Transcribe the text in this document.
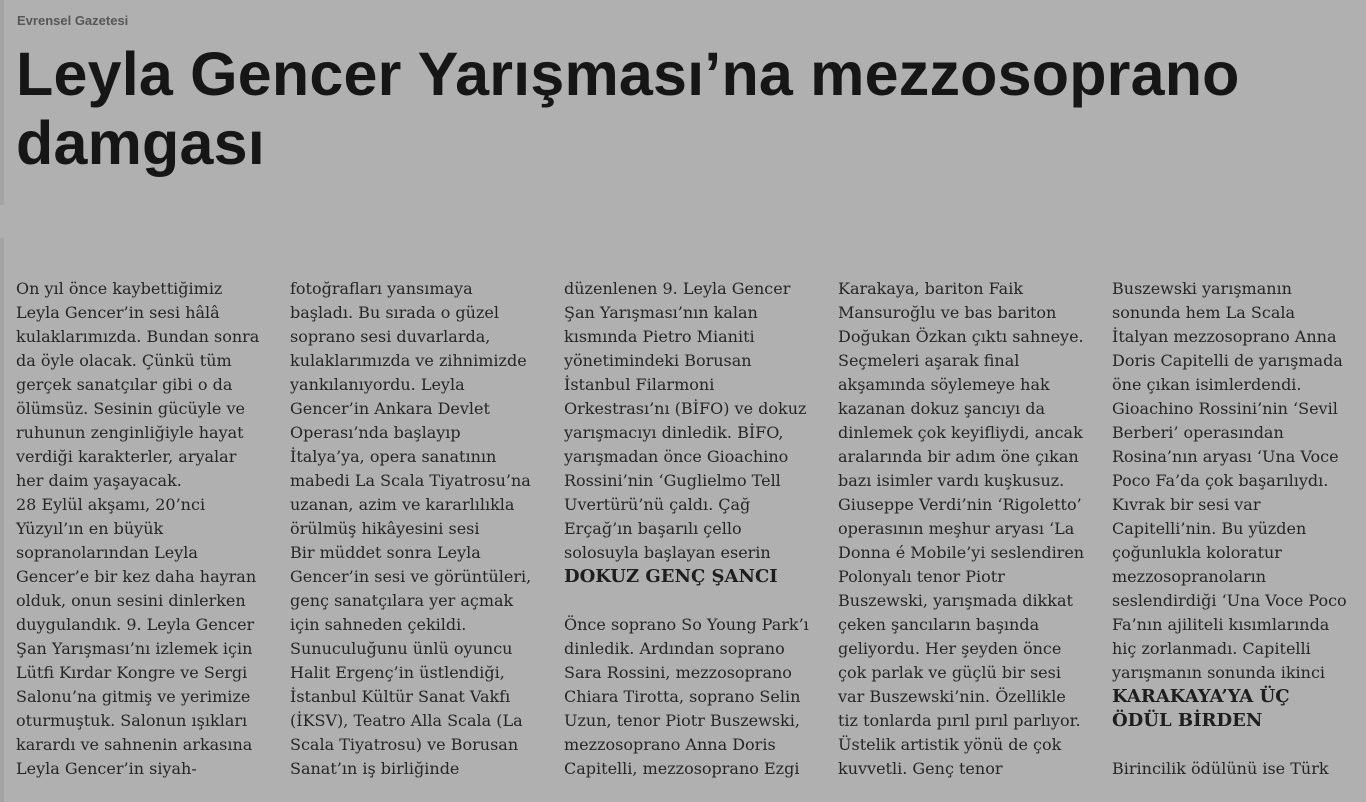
Evrensel Gazetesi
Leyla Gencer Yarışması’na mezzosoprano damgası

On yıl önce kaybettiğimiz Leyla Gencer’in sesi hâlâ kulaklarımızda. Bundan sonra da öyle olacak. Çünkü tüm gerçek sanatçılar gibi o da ölümsüz. Sesinin gücüyle ve ruhunun zenginliğiyle hayat verdiği karakterler, aryalar her daim yaşayacak.

28 Eylül akşamı, 20’nci Yüzyıl’ın en büyük sopranolarından Leyla Gencer’e bir kez daha hayran olduk, onun sesini dinlerken duygulandık. 9. Leyla Gencer Şan Yarışması’nı izlemek için Lütfi Kırdar Kongre ve Sergi Salonu’na gitmiş ve yerimize oturmuştuk. Salonun ışıkları karardı ve sahnenin arkasına Leyla Gencer’in siyah-

fotoğrafları yansımaya başladı. Bu sırada o güzel soprano sesi duvarlarda, kulaklarımızda ve zihnimizde yankılanıyordu. Leyla Gencer’in Ankara Devlet Operası’nda başlayıp İtalya’ya, opera sanatının mabedi La Scala Tiyatrosu’na uzanan, azim ve kararlılıkla örülmüş hikâyesini sesi

Bir müddet sonra Leyla Gencer’in sesi ve görüntüleri, genç sanatçılara yer açmak için sahneden çekildi. Sunuculuğunu ünlü oyuncu Halit Ergenç’in üstlendiği, İstanbul Kültür Sanat Vakfı (İKSV), Teatro Alla Scala (La Scala Tiyatrosu) ve Borusan Sanat’ın iş birliğinde

düzenlenen 9. Leyla Gencer Şan Yarışması’nın kalan kısmında Pietro Mianiti yönetimindeki Borusan İstanbul Filarmoni Orkestrası’nı (BİFO) ve dokuz yarışmacıyı dinledik. BİFO, yarışmadan önce Gioachino Rossini’nin ‘Guglielmo Tell Uvertürü’nü çaldı. Çağ Erçağ’ın başarılı çello solosuyla başlayan eserin

DOKUZ GENÇ ŞANCI

Önce soprano So Young Park’ı dinledik. Ardından soprano Sara Rossini, mezzosoprano Chiara Tirotta, soprano Selin Uzun, tenor Piotr Buszewski, mezzosoprano Anna Doris Capitelli, mezzosoprano Ezgi

Karakaya, bariton Faik Mansuroğlu ve bas bariton Doğukan Özkan çıktı sahneye. Seçmeleri aşarak final akşamında söylemeye hak kazanan dokuz şancıyı da dinlemek çok keyifliydi, ancak aralarında bir adım öne çıkan bazı isimler vardı kuşkusuz.

Giuseppe Verdi’nin ‘Rigoletto’ operasının meşhur aryası ‘La Donna é Mobile’yi seslendiren Polonyalı tenor Piotr Buszewski, yarışmada dikkat çeken şancıların başında geliyordu. Her şeyden önce çok parlak ve güçlü bir sesi var Buszewski’nin. Özellikle tiz tonlarda pırıl pırıl parlıyor. Üstelik artistik yönü de çok kuvvetli. Genç tenor

Buszewski yarışmanın sonunda hem La Scala İtalyan mezzosoprano Anna Doris Capitelli de yarışmada öne çıkan isimlerdendi. Gioachino Rossini’nin ‘Sevil Berberi’ operasından Rosina’nın aryası ‘Una Voce Poco Fa’da çok başarılıydı. Kıvrak bir sesi var Capitelli’nin. Bu yüzden çoğunlukla koloratur mezzosopranoların seslendirdiği ‘Una Voce Poco Fa’nın ajiliteli kısımlarında hiç zorlanmadı. Capitelli yarışmanın sonunda ikinci

KARAKAYA’YA ÜÇ ÖDÜL BİRDEN

Birincilik ödülünü ise Türk
